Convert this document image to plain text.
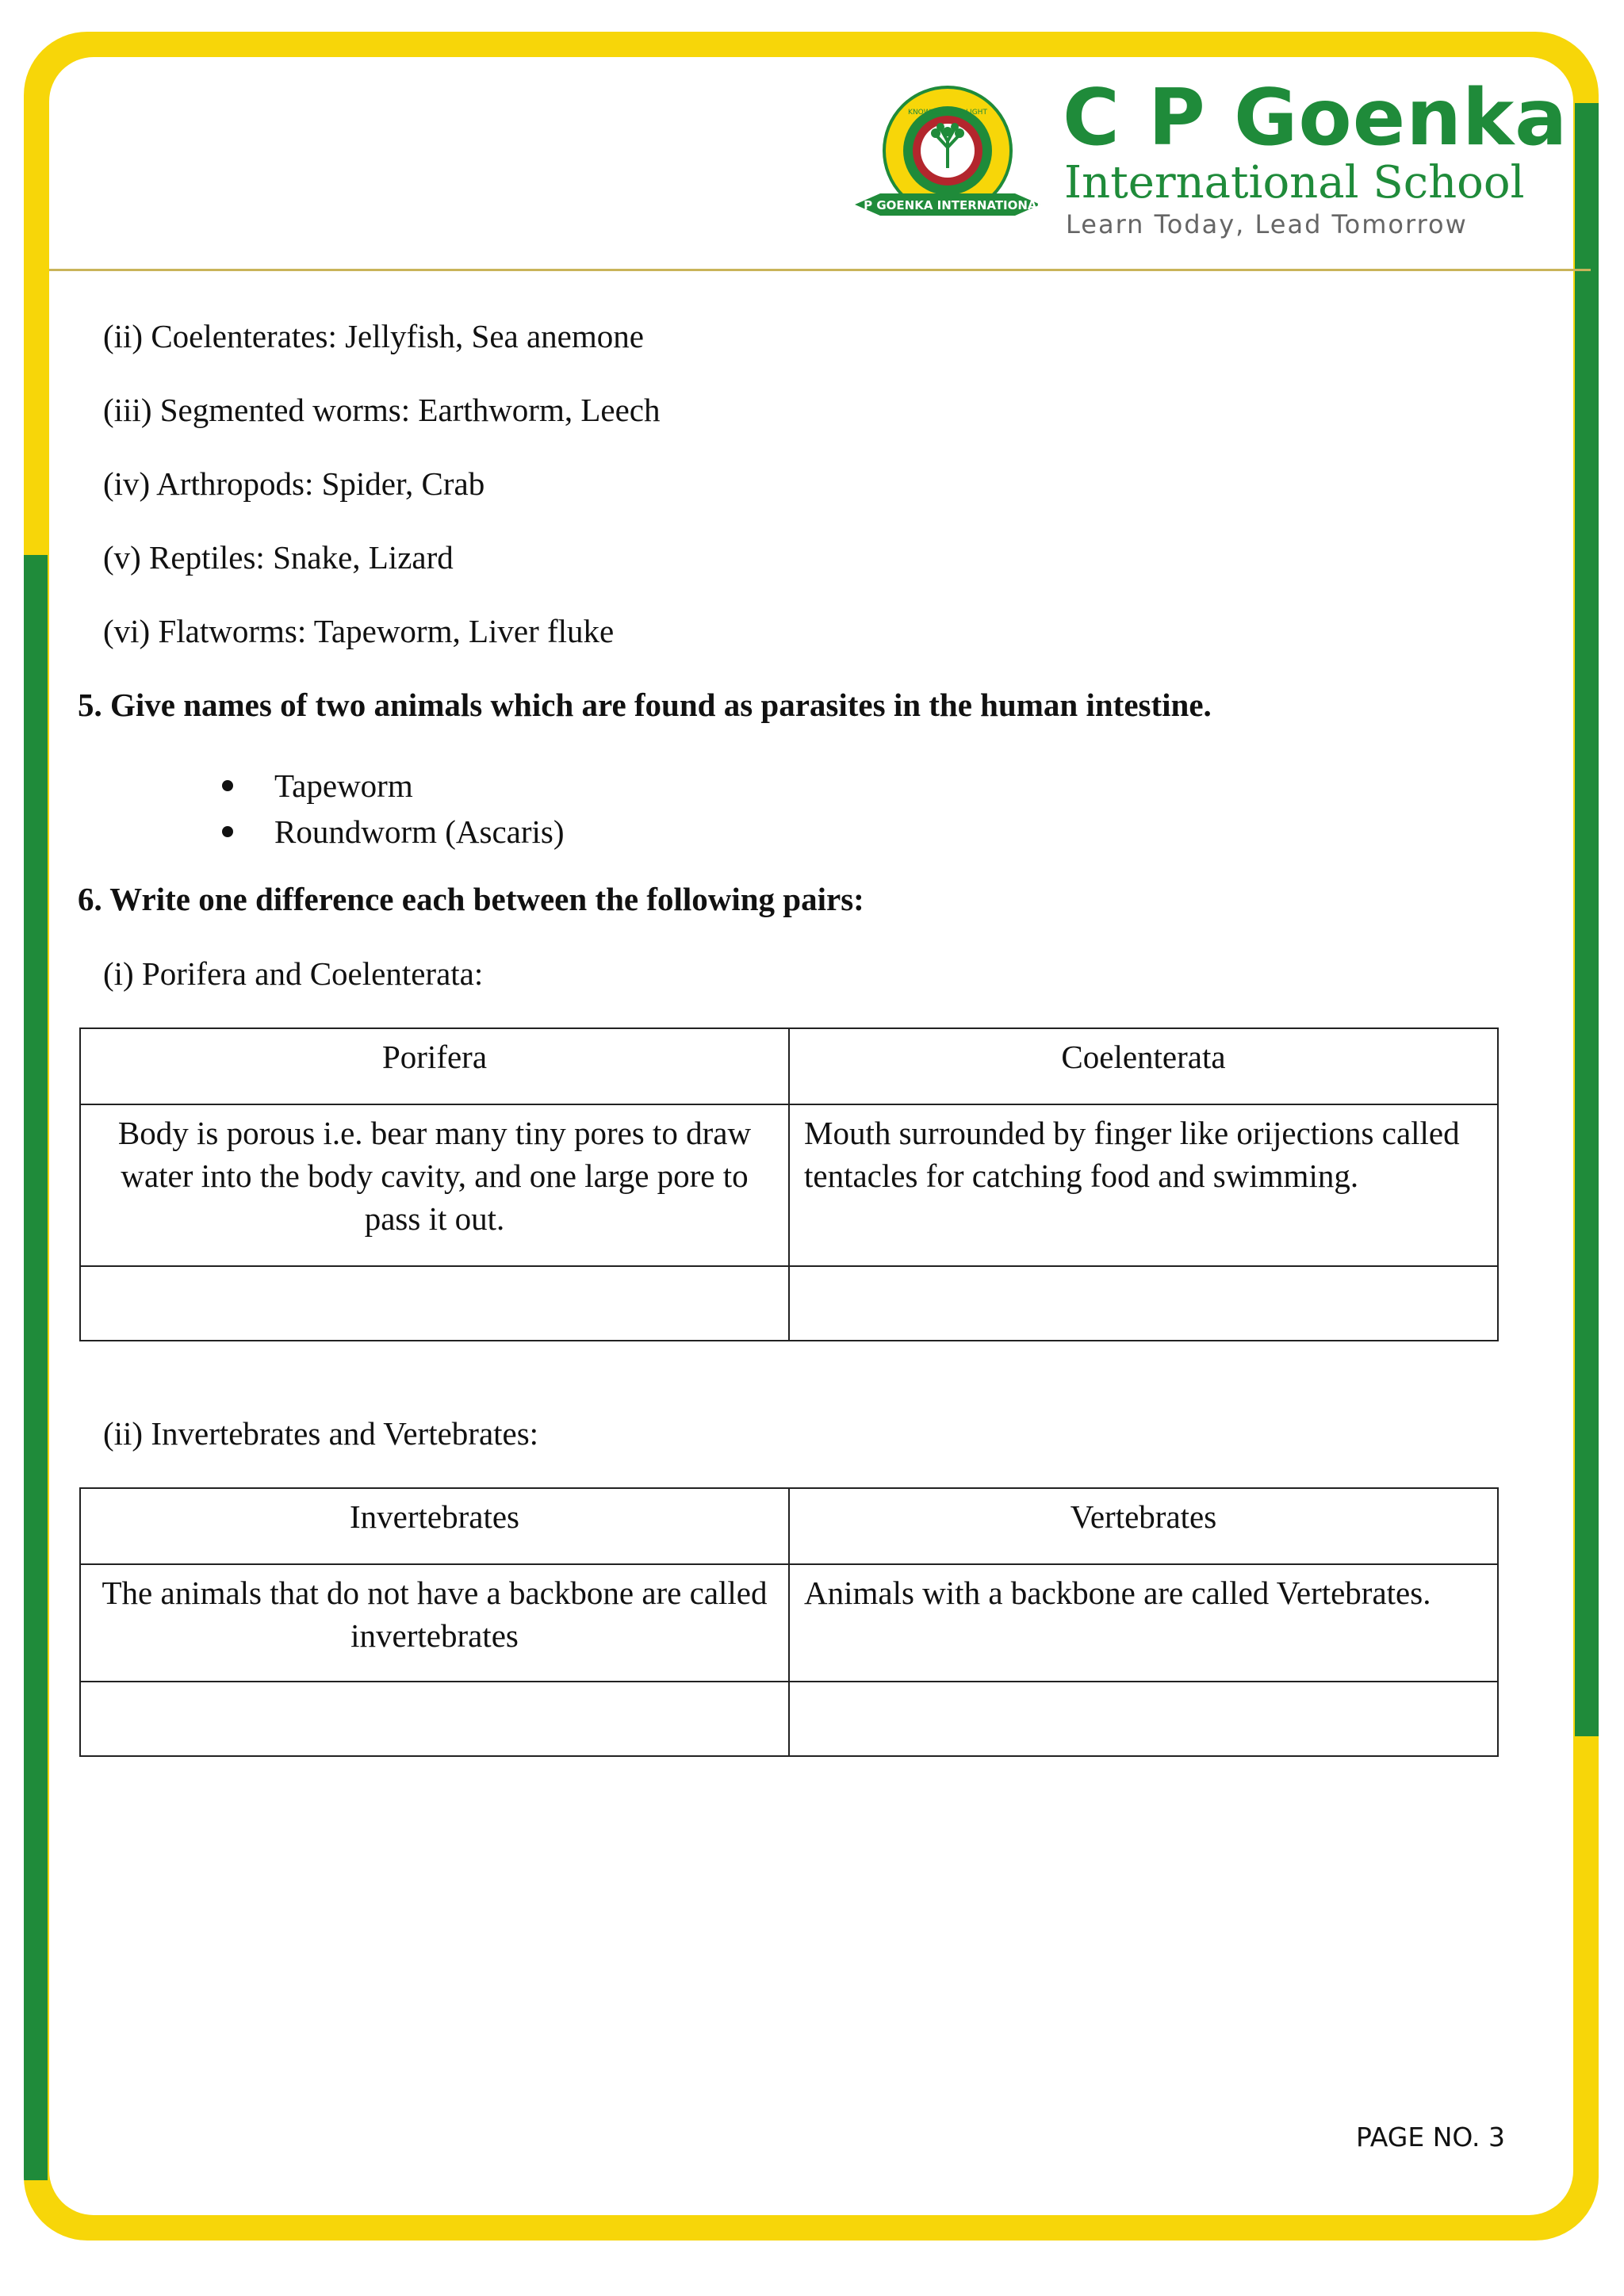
C P GOENKA INTERNATIONAL
KNOWLEDGE IS LIGHT C P Goenka
International School
Learn Today, Lead Tomorrow
(ii) Coelenterates: Jellyfish, Sea anemone
(iii) Segmented worms: Earthworm, Leech
(iv) Arthropods: Spider, Crab
(v) Reptiles: Snake, Lizard
(vi) Flatworms: Tapeworm, Liver fluke
5. Give names of two animals which are found as parasites in the human intestine.
Tapeworm
Roundworm (Ascaris)
6. Write one difference each between the following pairs:
(i) Porifera and Coelenterata:
Porifera	Coelenterata
Body is porous i.e. bear many tiny pores to draw water into the body cavity, and one large pore to pass it out.	Mouth surrounded by finger like orijections called tentacles for catching food and swimming.

(ii) Invertebrates and Vertebrates:
Invertebrates	Vertebrates
The animals that do not have a backbone are called invertebrates	Animals with a backbone are called Vertebrates.

PAGE NO. 3
